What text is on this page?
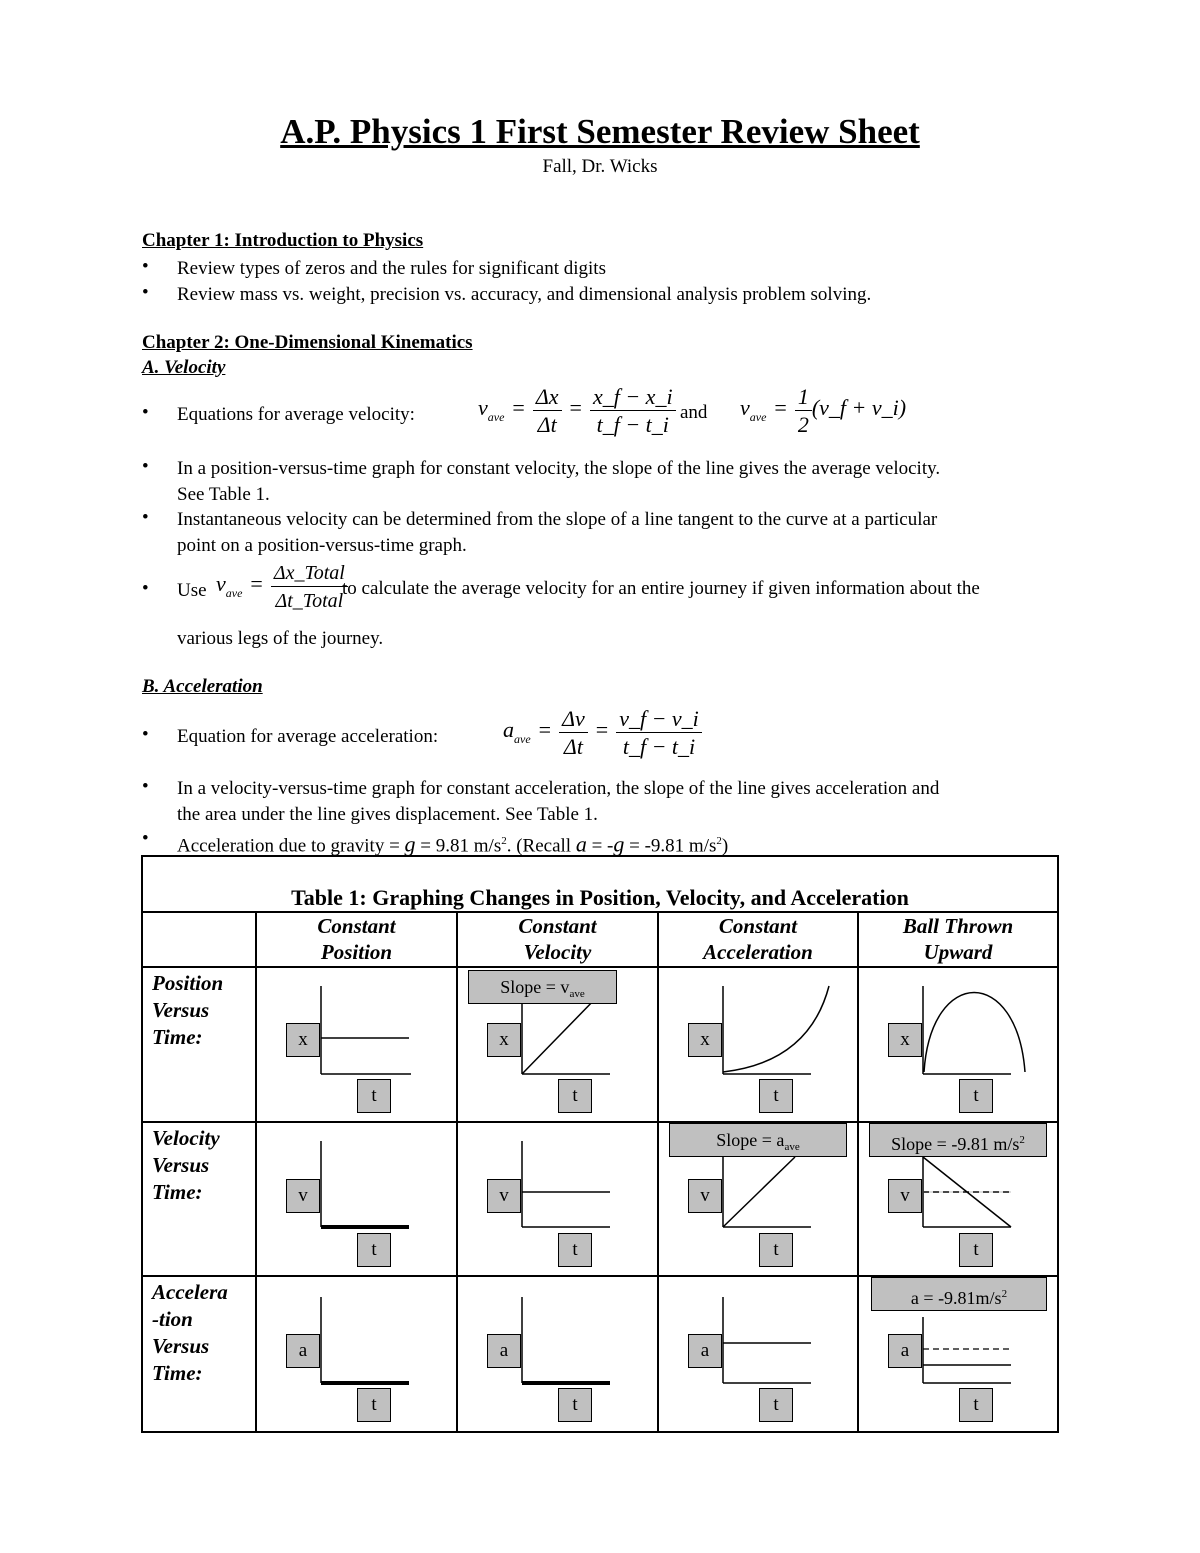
A.P. Physics 1 First Semester Review Sheet
Fall, Dr. Wicks
Chapter 1: Introduction to Physics
• Review types of zeros and the rules for significant digits
• Review mass vs. weight, precision vs. accuracy, and dimensional analysis problem solving.
Chapter 2: One-Dimensional Kinematics
A. Velocity
• Equations for average velocity:	$v_{ave} = \frac{\Delta x}{\Delta t} = \frac{x\_f - x\_i}{t\_f - t\_i}$ and $v_{ave} = \frac{1}{2}$ (v_f + v_i)
• In a position-versus-time graph for constant velocity, the slope of the line gives the average velocity.
See Table 1.
• Instantaneous velocity can be determined from the slope of a line tangent to the curve at a particular
point on a position-versus-time graph.
• Use $v_{ave} = \frac{\text{Δx\_Total}}{\text{Δt\_Total}}$
to calculate the average velocity for an entire journey if given information about the
various legs of the journey.
B. Acceleration
• Equation for average acceleration:	$a_{ave} = \frac{\Delta v}{\Delta t} = \frac{v\_f - v\_i}{t\_f - t\_i}$
• In a velocity-versus-time graph for constant acceleration, the slope of the line gives acceleration and
the area under the line gives displacement. See Table 1.
• Acceleration due to gravity = g = 9.81 $m/s^2$. (Recall a = -g = -9.81 $m/s^2$)
Table 1: Graphing Changes in Position, Velocity, and Acceleration
Constant
Position
Constant
Velocity
Constant
Acceleration
Ball Thrown
Upward
Position
Versus
Time:
Velocity
Versus
Time:
Accelera
-tion
Versus
Time:
x
t
Slope = $v_{ave}$
x
t
x
t
x
t
v
t
v
t
Slope = $a_{ave}$
v
t
Slope = -9.81 $m/s^2$
v
t
a
t
a
t
a
t
$a = -9.81m/s^2$
a
t
